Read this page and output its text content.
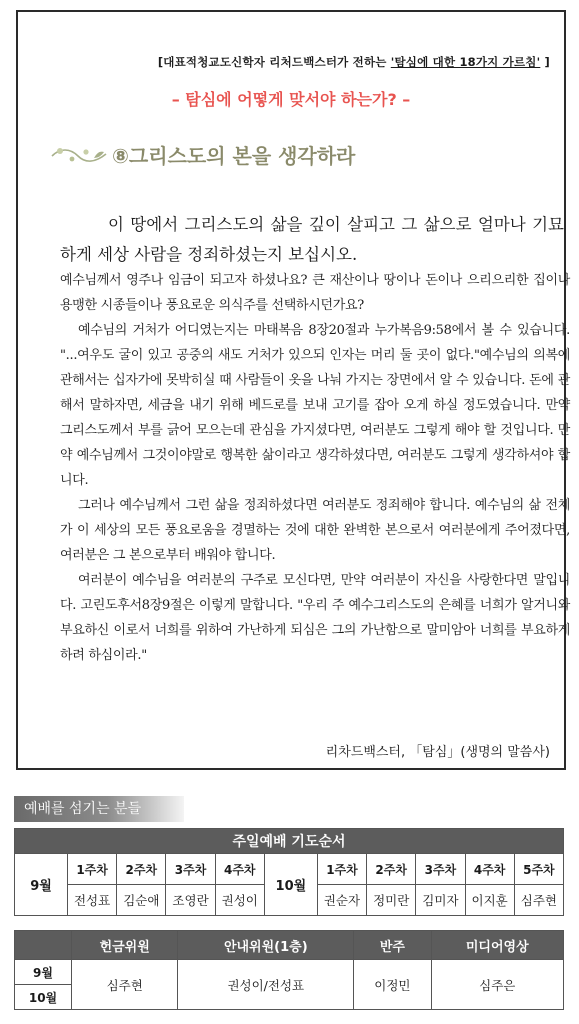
[대표적청교도신학자 리처드백스터가 전하는 '탐심에 대한 18가지 가르침' ]
– 탐심에 어떻게 맞서야 하는가? –
⑧그리스도의 본을 생각하라

이 땅에서 그리스도의 삶을 깊이 살피고 그 삶으로 얼마나 기묘하게 세상 사람을 정죄하셨는지 보십시오.

예수님께서 영주나 임금이 되고자 하셨나요? 큰 재산이나 땅이나 돈이나 으리으리한 집이나 용맹한 시종들이나 풍요로운 의식주를 선택하시던가요?

예수님의 거처가 어디였는지는 마태복음 8장20절과 누가복음9:58에서 볼 수 있습니다. "...여우도 굴이 있고 공중의 새도 거처가 있으되 인자는 머리 둘 곳이 없다."예수님의 의복에 관해서는 십자가에 못박히실 때 사람들이 옷을 나눠 가지는 장면에서 알 수 있습니다. 돈에 관해서 말하자면, 세금을 내기 위해 베드로를 보내 고기를 잡아 오게 하실 정도였습니다. 만약 그리스도께서 부를 긁어 모으는데 관심을 가지셨다면, 여러분도 그렇게 해야 할 것입니다. 만약 예수님께서 그것이야말로 행복한 삶이라고 생각하셨다면, 여러분도 그렇게 생각하셔야 합니다.

그러나 예수님께서 그런 삶을 정죄하셨다면 여러분도 정죄해야 합니다. 예수님의 삶 전체가 이 세상의 모든 풍요로움을 경멸하는 것에 대한 완벽한 본으로서 여러분에게 주어졌다면, 여러분은 그 본으로부터 배워야 합니다.

여러분이 예수님을 여러분의 구주로 모신다면, 만약 여러분이 자신을 사랑한다면 말입니다. 고린도후서8장9절은 이렇게 말합니다. "우리 주 예수그리스도의 은혜를 너희가 알거니와 부요하신 이로서 너희를 위하여 가난하게 되심은 그의 가난함으로 말미암아 너희를 부요하게 하려 하심이라."

리차드백스터, 「탐심」(생명의 말씀사)
예배를 섬기는 분들
주일예배 기도순서										
9월	1주차	2주차	3주차	4주차	10월	1주차	2주차	3주차	4주차	5주차
	전성표	김순애	조영란	권성이		권순자	정미란	김미자	이지훈	심주현
	헌금위원	안내위원(1층)	반주	미디어영상
9월	심주현	권성이/전성표	이정민	심주은
10월				
